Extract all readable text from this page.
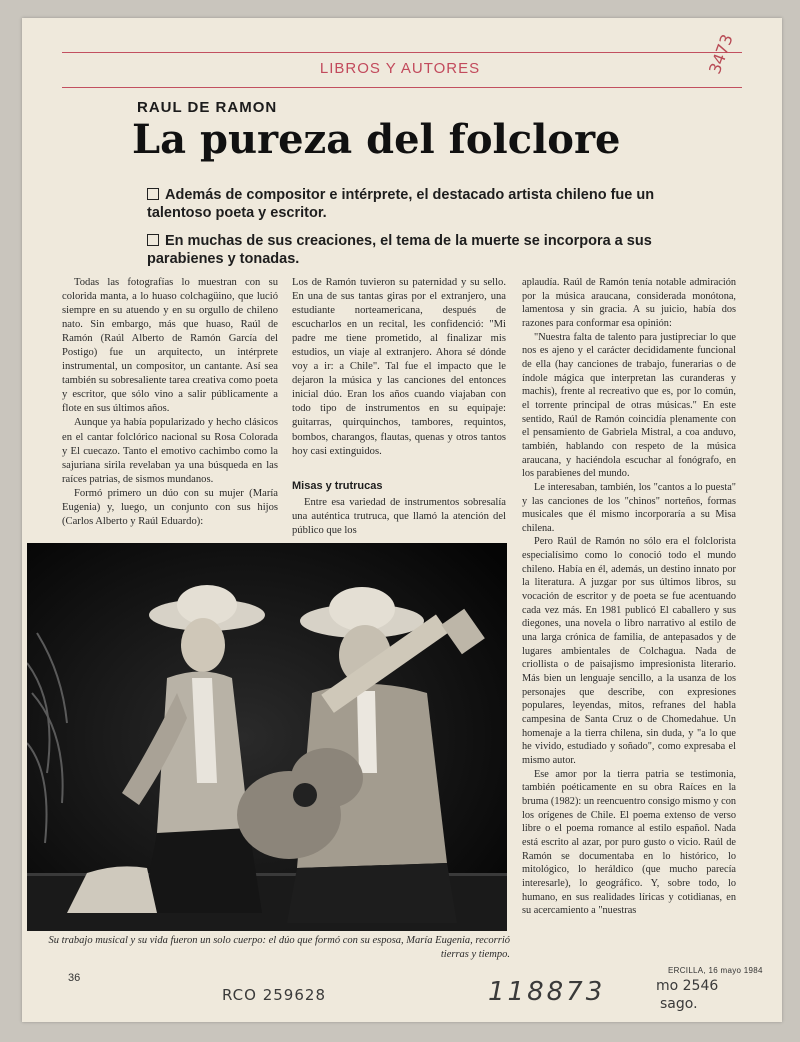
LIBROS Y AUTORES	3473
RAUL DE RAMON
La pureza del folclore
Además de compositor e intérprete, el destacado artista chileno fue un talentoso poeta y escritor.
En muchas de sus creaciones, el tema de la muerte se incorpora a sus parabienes y tonadas.

Todas las fotografías lo muestran con su colorida manta, a lo huaso colchagüino, que lució siempre en su atuendo y en su orgullo de chileno nato. Sin embargo, más que huaso, Raúl de Ramón (Raúl Alberto de Ramón García del Postigo) fue un arquitecto, un intérprete instrumental, un compositor, un cantante. Así sea también su sobresaliente tarea creativa como poeta y escritor, que sólo vino a salir públicamente a flote en sus últimos años.

Aunque ya había popularizado y hecho clásicos en el cantar folclórico nacional su Rosa Colorada y El cuecazo. Tanto el emotivo cachimbo como la sajuriana sirila revelaban ya una búsqueda en las raíces patrias, de sismos mundanos.

Formó primero un dúo con su mujer (María Eugenia) y, luego, un conjunto con sus hijos (Carlos Alberto y Raúl Eduardo):

Los de Ramón tuvieron su paternidad y su sello. En una de sus tantas giras por el extranjero, una estudiante norteamericana, después de escucharlos en un recital, les confidenció: "Mi padre me tiene prometido, al finalizar mis estudios, un viaje al extranjero. Ahora sé dónde voy a ir: a Chile". Tal fue el impacto que le dejaron la música y las canciones del entonces inicial dúo. Eran los años cuando viajaban con todo tipo de instrumentos en su equipaje: guitarras, quirquinchos, tambores, requintos, bombos, charangos, flautas, quenas y otros tantos hoy casi extinguidos.

Misas y trutrucas

Entre esa variedad de instrumentos sobresalía una auténtica trutruca, que llamó la atención del público que los

aplaudía. Raúl de Ramón tenía notable admiración por la música araucana, considerada monótona, lamentosa y sin gracia. A su juicio, había dos razones para conformar esa opinión:

"Nuestra falta de talento para justipreciar lo que nos es ajeno y el carácter decididamente funcional de ella (hay canciones de trabajo, funerarias o de índole mágica que interpretan las curanderas y machis), frente al recreativo que es, por lo común, el torrente principal de otras músicas." En este sentido, Raúl de Ramón coincidía plenamente con el pensamiento de Gabriela Mistral, a coa anduvo, también, hablando con respeto de la música araucana, y haciéndola escuchar al fonógrafo, en los parabienes del mundo.

Le interesaban, también, los "cantos a lo puesta" y las canciones de los "chinos" norteños, formas musicales que él mismo incorporaría a su Misa chilena.

Pero Raúl de Ramón no sólo era el folclorista especialísimo como lo conoció todo el mundo chileno. Había en él, además, un destino innato por la literatura. A juzgar por sus últimos libros, su vocación de escritor y de poeta se fue acentuando cada vez más. En 1981 publicó El caballero y sus diegones, una novela o libro narrativo al estilo de una larga crónica de familia, de antepasados y de lugares ambientales de Colchagua. Nada de criollista o de paisajismo impresionista literario. Más bien un lenguaje sencillo, a la usanza de los personajes que describe, con expresiones populares, leyendas, mitos, refranes del habla campesina de Santa Cruz o de Chomedahue. Un homenaje a la tierra chilena, sin duda, y "a lo que he vivido, estudiado y soñado", como expresaba el mismo autor.

Ese amor por la tierra patria se testimonia, también poéticamente en su obra Raíces en la bruma (1982): un reencuentro consigo mismo y con los orígenes de Chile. El poema extenso de verso libre o el poema romance al estilo español. Nada está escrito al azar, por puro gusto o vicio. Raúl de Ramón se documentaba en lo histórico, lo mitológico, lo heráldico (que mucho parecía interesarle), lo geográfico. Y, sobre todo, lo humano, en sus realidades líricas y cotidianas, en su acercamiento a "nuestras

Su trabajo musical y su vida fueron un solo cuerpo: el dúo que formó con su esposa, María Eugenia, recorrió tierras y tiempo.
36
ERCILLA, 16 mayo 1984
RCO 259628	118873	mo 2546
sago.
